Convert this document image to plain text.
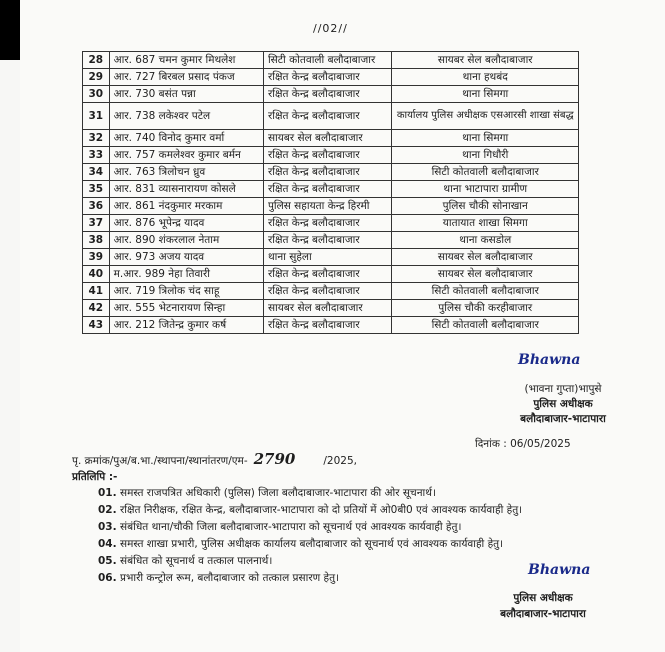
//02//
28	आर. 687 चमन कुमार मिथलेश	सिटी कोतवाली बलौदाबाजार	सायबर सेल बलौदाबाजार
29	आर. 727 बिरबल प्रसाद पंकज	रक्षित केन्द्र बलौदाबाजार	थाना हथबंद
30	आर. 730 बसंत पन्ना	रक्षित केन्द्र बलौदाबाजार	थाना सिमगा
31	आर. 738 लकेश्वर पटेल	रक्षित केन्द्र बलौदाबाजार	कार्यालय पुलिस अधीक्षक एसआरसी शाखा संबद्ध
32	आर. 740 विनोद कुमार वर्मा	सायबर सेल बलौदाबाजार	थाना सिमगा
33	आर. 757 कमलेश्वर कुमार बर्मन	रक्षित केन्द्र बलौदाबाजार	थाना गिधौरी
34	आर. 763 त्रिलोचन ध्रुव	रक्षित केन्द्र बलौदाबाजार	सिटी कोतवाली बलौदाबाजार
35	आर. 831 व्यासनारायण कोसले	रक्षित केन्द्र बलौदाबाजार	थाना भाटापारा ग्रामीण
36	आर. 861 नंदकुमार मरकाम	पुलिस सहायता केन्द्र हिरमी	पुलिस चौकी सोनाखान
37	आर. 876 भूपेन्द्र यादव	रक्षित केन्द्र बलौदाबाजार	यातायात शाखा सिमगा
38	आर. 890 शंकरलाल नेताम	रक्षित केन्द्र बलौदाबाजार	थाना कसडोल
39	आर. 973 अजय यादव	थाना सुहेला	सायबर सेल बलौदाबाजार
40	म.आर. 989 नेहा तिवारी	रक्षित केन्द्र बलौदाबाजार	सायबर सेल बलौदाबाजार
41	आर. 719 त्रिलोक चंद साहू	रक्षित केन्द्र बलौदाबाजार	सिटी कोतवाली बलौदाबाजार
42	आर. 555 भेटनारायण सिन्हा	सायबर सेल बलौदाबाजार	पुलिस चौकी करहीबाजार
43	आर. 212 जितेन्द्र कुमार कर्ष	रक्षित केन्द्र बलौदाबाजार	सिटी कोतवाली बलौदाबाजार
Bhawna
(भावना गुप्ता)भापुसे
पुलिस अधीक्षक
बलौदाबाजार-भाटापारा
दिनांक : 06/05/2025
पृ. क्रमांक/पुअ/ब.भा./स्थापना/स्थानांतरण/एम- 2790	/2025,
प्रतिलिपि :-
01. समस्त राजपत्रित अधिकारी (पुलिस) जिला बलौदाबाजार-भाटापारा की ओर सूचनार्थ।
02. रक्षित निरीक्षक, रक्षित केन्द्र, बलौदाबाजार-भाटापारा को दो प्रतियों में ओ0बी0 एवं आवश्यक कार्यवाही हेतु।
03. संबंधित थाना/चौकी जिला बलौदाबाजार-भाटापारा को सूचनार्थ एवं आवश्यक कार्यवाही हेतु।
04. समस्त शाखा प्रभारी, पुलिस अधीक्षक कार्यालय बलौदाबाजार को सूचनार्थ एवं आवश्यक कार्यवाही हेतु।
05. संबंधित को सूचनार्थ व तत्काल पालनार्थ।
06. प्रभारी कन्ट्रोल रूम, बलौदाबाजार को तत्काल प्रसारण हेतु।	Bhawna
पुलिस अधीक्षक
बलौदाबाजार-भाटापारा
